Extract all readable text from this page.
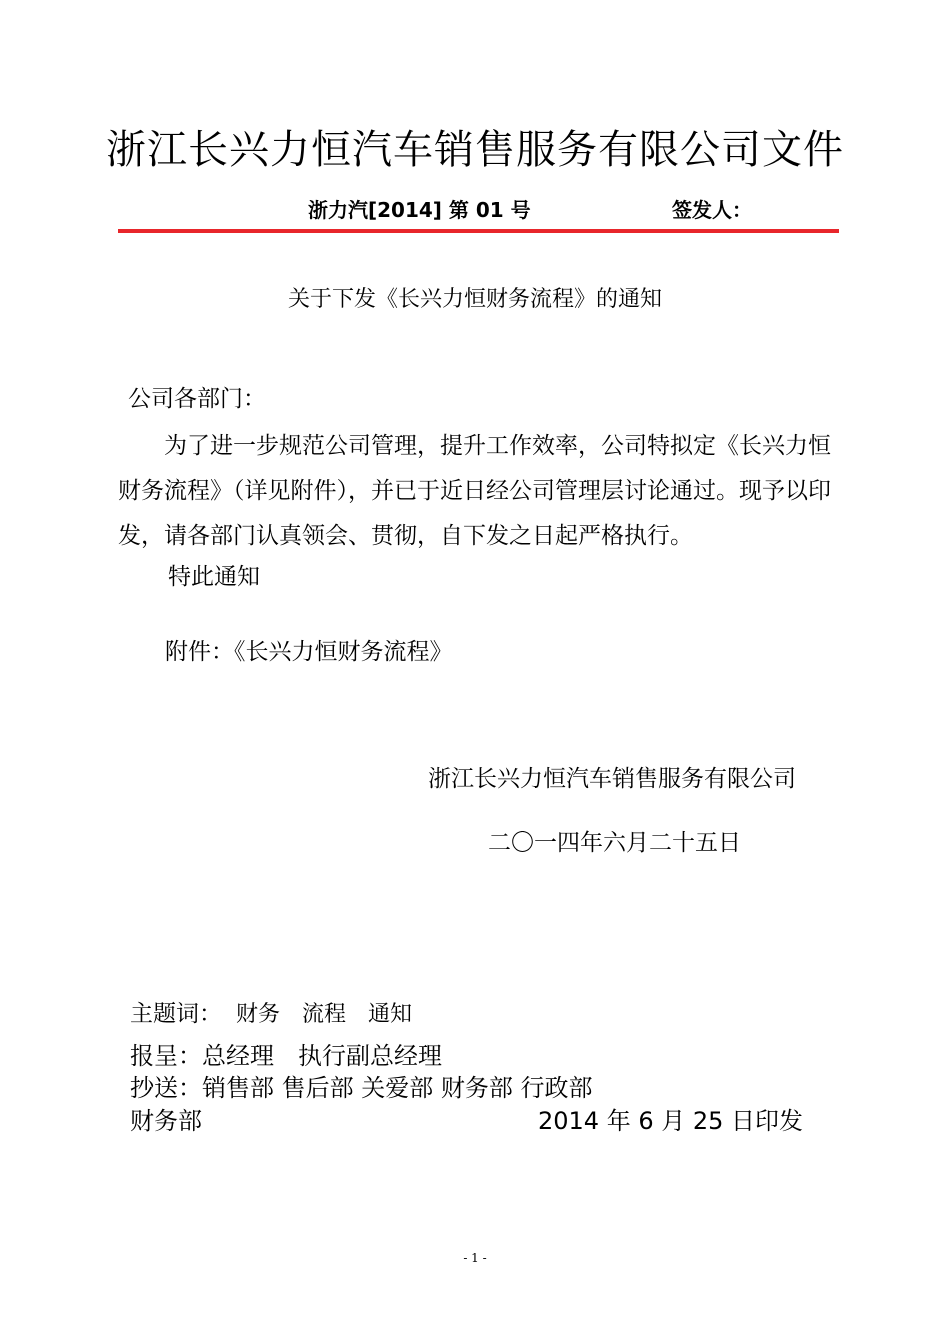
浙江长兴力恒汽车销售服务有限公司文件
浙力汽[2014] 第 01 号	签发人：
关于下发《长兴力恒财务流程》的通知
公司各部门：
为了进一步规范公司管理，提升工作效率，公司特拟定《长兴力恒财务流程》（详见附件），并已于近日经公司管理层讨论通过。现予以印发，请各部门认真领会、贯彻，自下发之日起严格执行。
特此通知
附件：《长兴力恒财务流程》
浙江长兴力恒汽车销售服务有限公司
二〇一四年六月二十五日
主题词： 财务　流程　通知
报呈：总经理　执行副总经理
抄送：销售部 售后部 关爱部 财务部 行政部
财务部	2014 年 6 月 25 日印发
- 1 -
